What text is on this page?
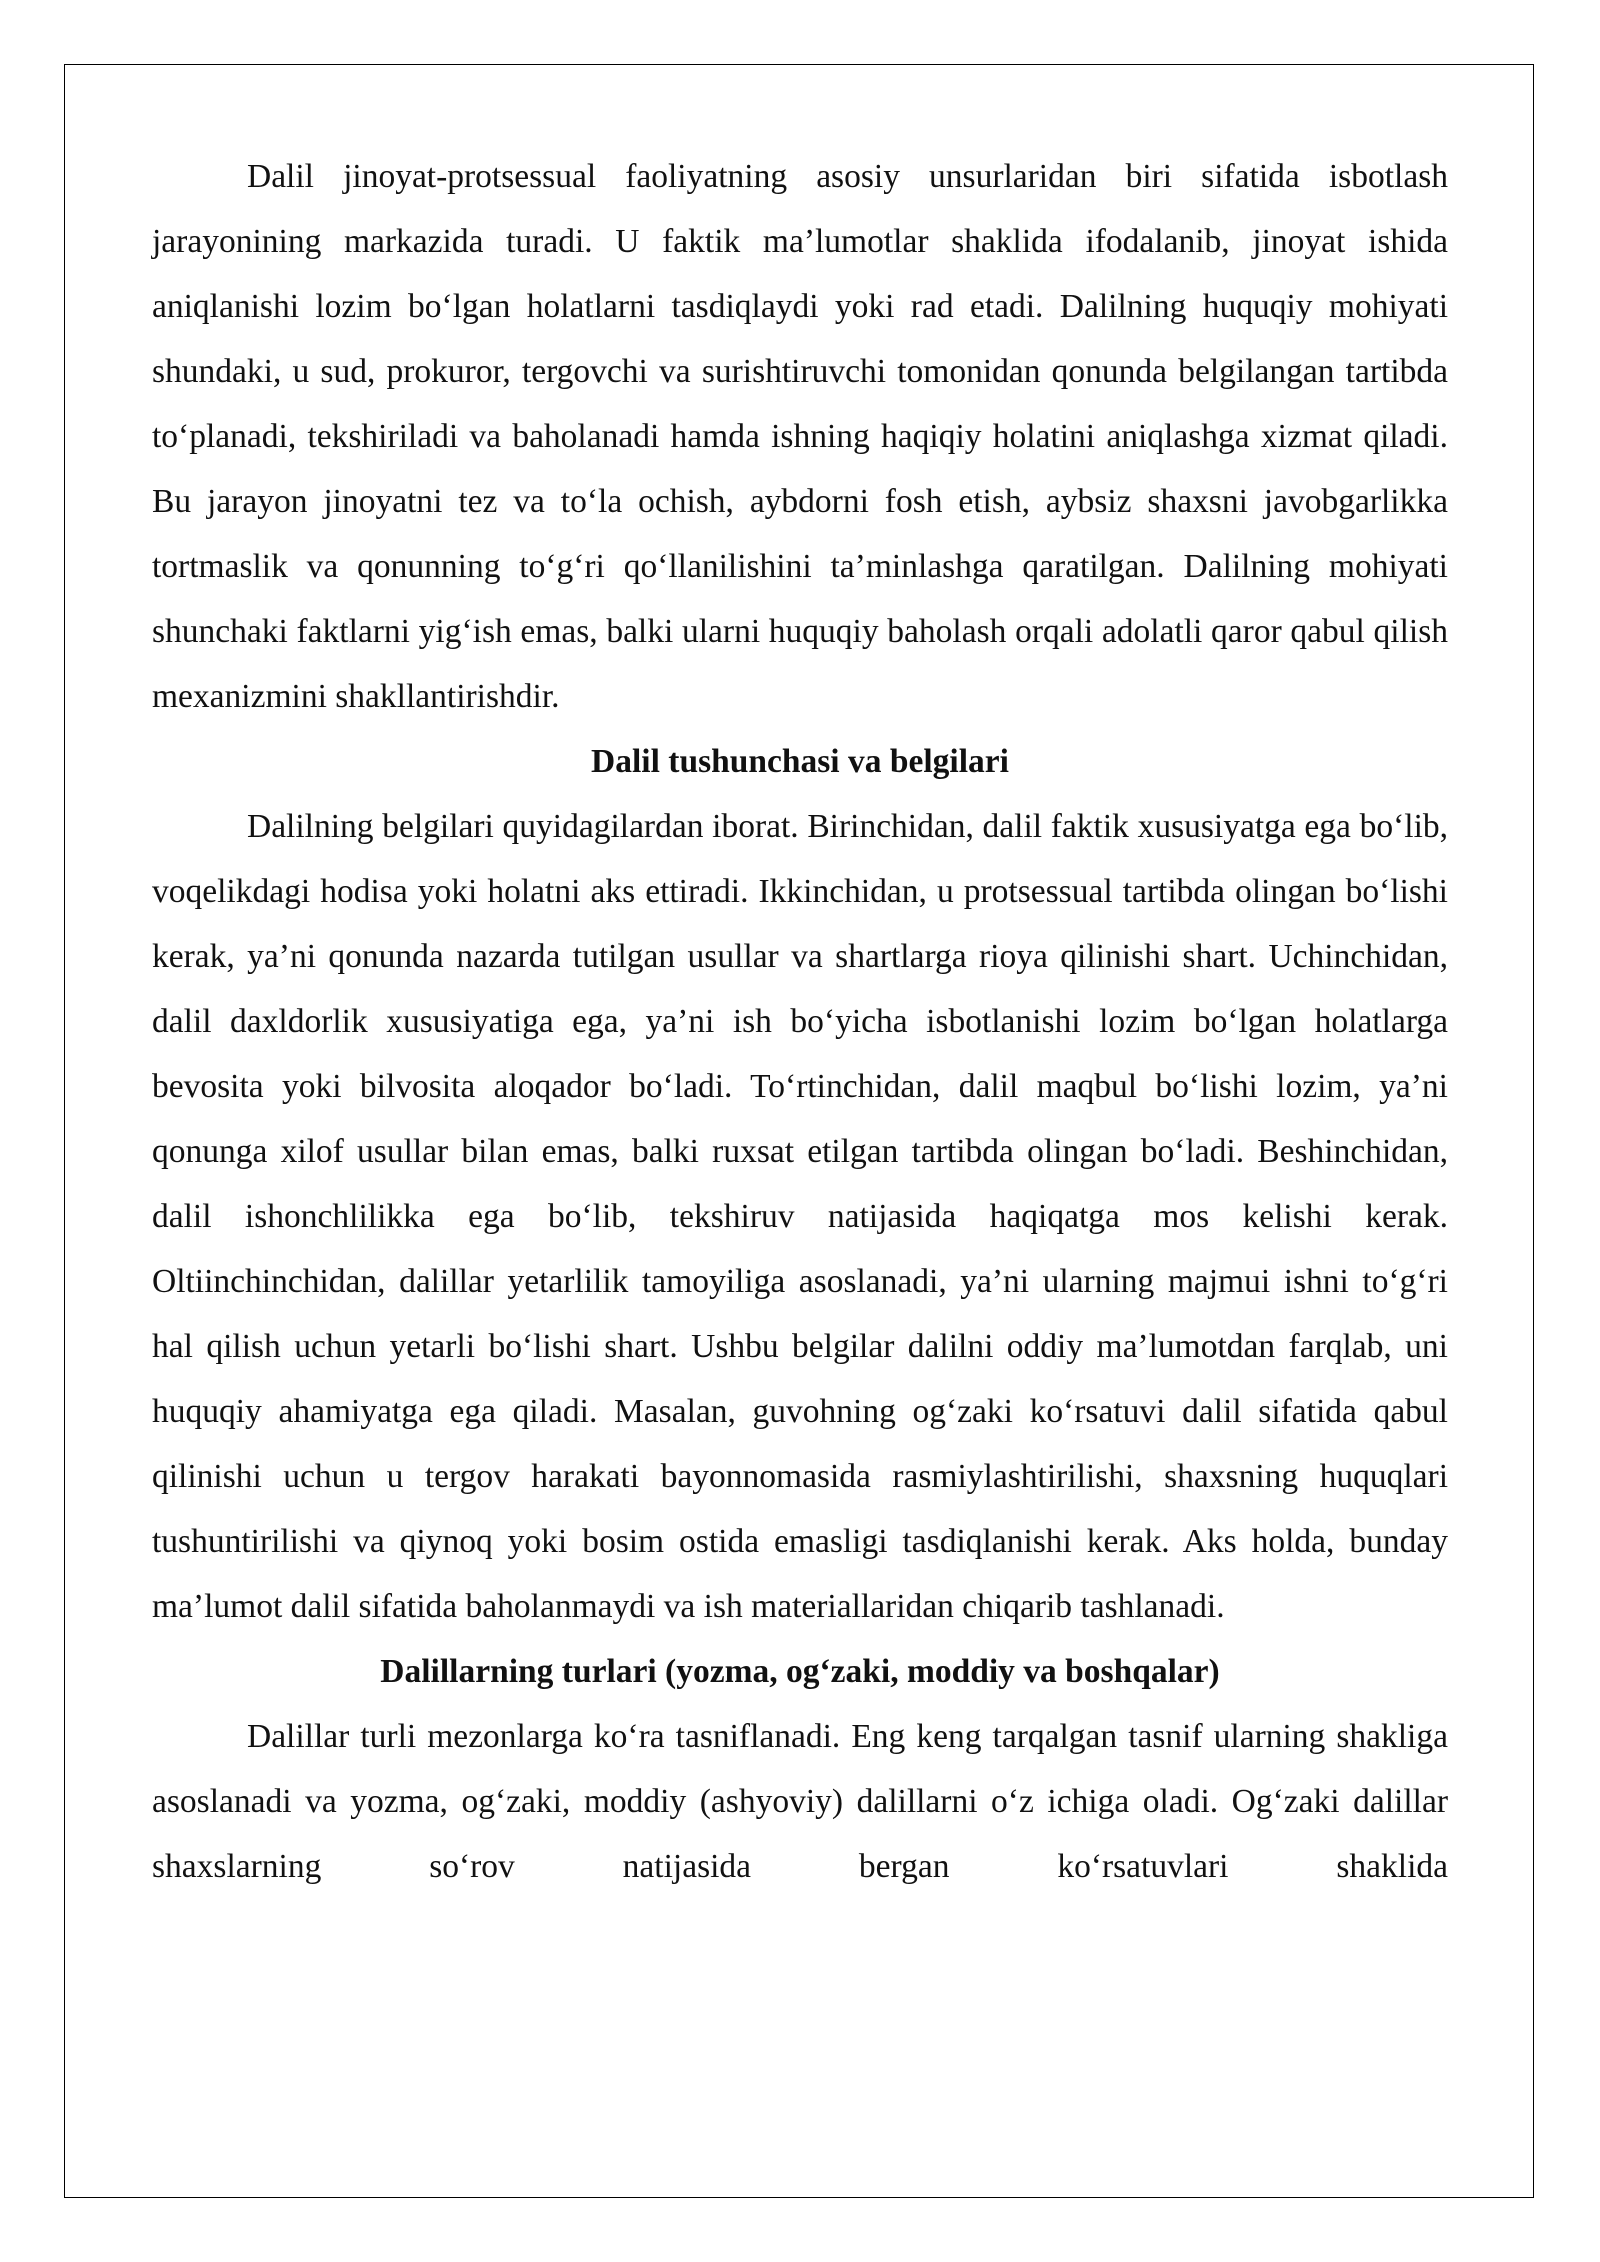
Dalil jinoyat-protsessual faoliyatning asosiy unsurlaridan biri sifatida isbotlash jarayonining markazida turadi. U faktik ma’lumotlar shaklida ifodalanib, jinoyat ishida aniqlanishi lozim bo‘lgan holatlarni tasdiqlaydi yoki rad etadi. Dalilning huquqiy mohiyati shundaki, u sud, prokuror, tergovchi va surishtiruvchi tomonidan qonunda belgilangan tartibda to‘planadi, tekshiriladi va baholanadi hamda ishning haqiqiy holatini aniqlashga xizmat qiladi. Bu jarayon jinoyatni tez va to‘la ochish, aybdorni fosh etish, aybsiz shaxsni javobgarlikka tortmaslik va qonunning to‘g‘ri qo‘llanilishini ta’minlashga qaratilgan. Dalilning mohiyati shunchaki faktlarni yig‘ish emas, balki ularni huquqiy baholash orqali adolatli qaror qabul qilish mexanizmini shakllantirishdir.

Dalil tushunchasi va belgilari

Dalilning belgilari quyidagilardan iborat. Birinchidan, dalil faktik xususiyatga ega bo‘lib, voqelikdagi hodisa yoki holatni aks ettiradi. Ikkinchidan, u protsessual tartibda olingan bo‘lishi kerak, ya’ni qonunda nazarda tutilgan usullar va shartlarga rioya qilinishi shart. Uchinchidan, dalil daxldorlik xususiyatiga ega, ya’ni ish bo‘yicha isbotlanishi lozim bo‘lgan holatlarga bevosita yoki bilvosita aloqador bo‘ladi. To‘rtinchidan, dalil maqbul bo‘lishi lozim, ya’ni qonunga xilof usullar bilan emas, balki ruxsat etilgan tartibda olingan bo‘ladi. Beshinchidan, dalil ishonchlilikka ega bo‘lib, tekshiruv natijasida haqiqatga mos kelishi kerak. Oltiinchinchidan, dalillar yetarlilik tamoyiliga asoslanadi, ya’ni ularning majmui ishni to‘g‘ri hal qilish uchun yetarli bo‘lishi shart. Ushbu belgilar dalilni oddiy ma’lumotdan farqlab, uni huquqiy ahamiyatga ega qiladi. Masalan, guvohning og‘zaki ko‘rsatuvi dalil sifatida qabul qilinishi uchun u tergov harakati bayonnomasida rasmiylashtirilishi, shaxsning huquqlari tushuntirilishi va qiynoq yoki bosim ostida emasligi tasdiqlanishi kerak. Aks holda, bunday ma’lumot dalil sifatida baholanmaydi va ish materiallaridan chiqarib tashlanadi.

Dalillarning turlari (yozma, og‘zaki, moddiy va boshqalar)

Dalillar turli mezonlarga ko‘ra tasniflanadi. Eng keng tarqalgan tasnif ularning shakliga asoslanadi va yozma, og‘zaki, moddiy (ashyoviy) dalillarni o‘z ichiga oladi. Og‘zaki dalillar shaxslarning so‘rov natijasida bergan ko‘rsatuvlari shaklida
